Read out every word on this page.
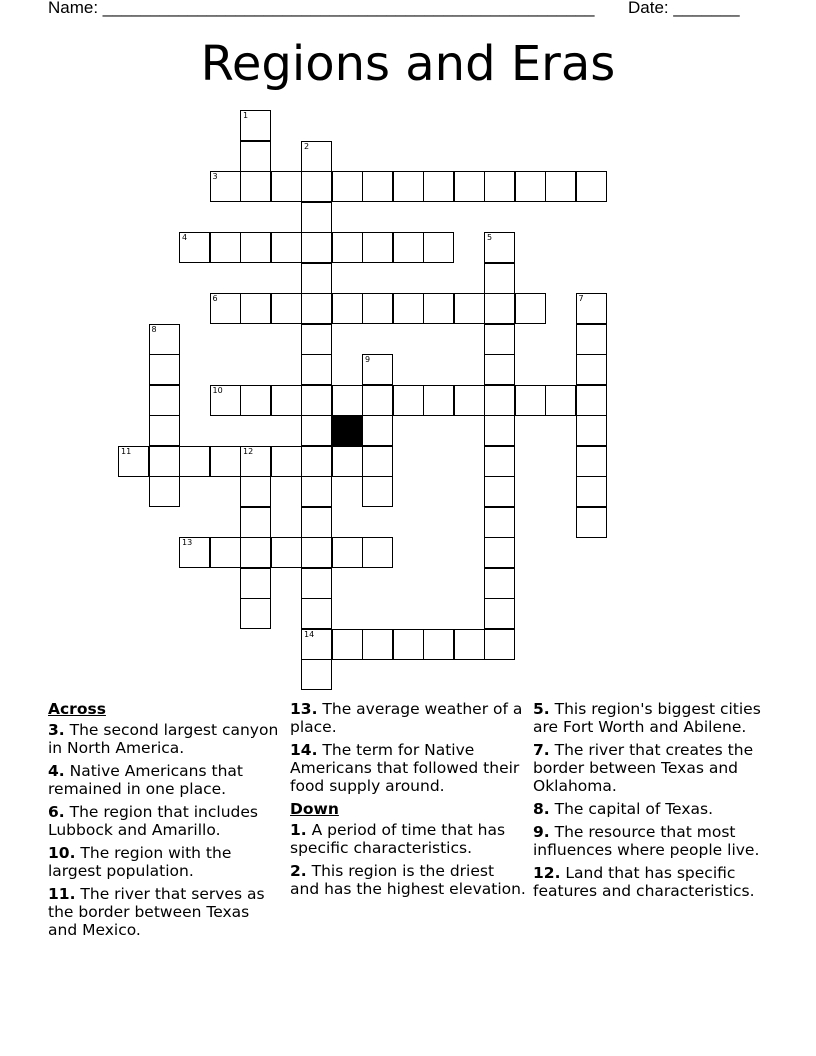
Name: ____________________________________________________ Date: _______
Regions and Eras
1
2
3
4	5
6	7
8
9
10
11	12
13
14
Across
3. The second largest canyon in North America.
4. Native Americans that remained in one place.
6. The region that includes Lubbock and Amarillo.
10. The region with the largest population.
11. The river that serves as the border between Texas and Mexico.
13. The average weather of a place.
14. The term for Native Americans that followed their food supply around.
Down
1. A period of time that has specific characteristics.
2. This region is the driest and has the highest elevation.
5. This region's biggest cities are Fort Worth and Abilene.
7. The river that creates the border between Texas and Oklahoma.
8. The capital of Texas.
9. The resource that most influences where people live.
12. Land that has specific features and characteristics.
